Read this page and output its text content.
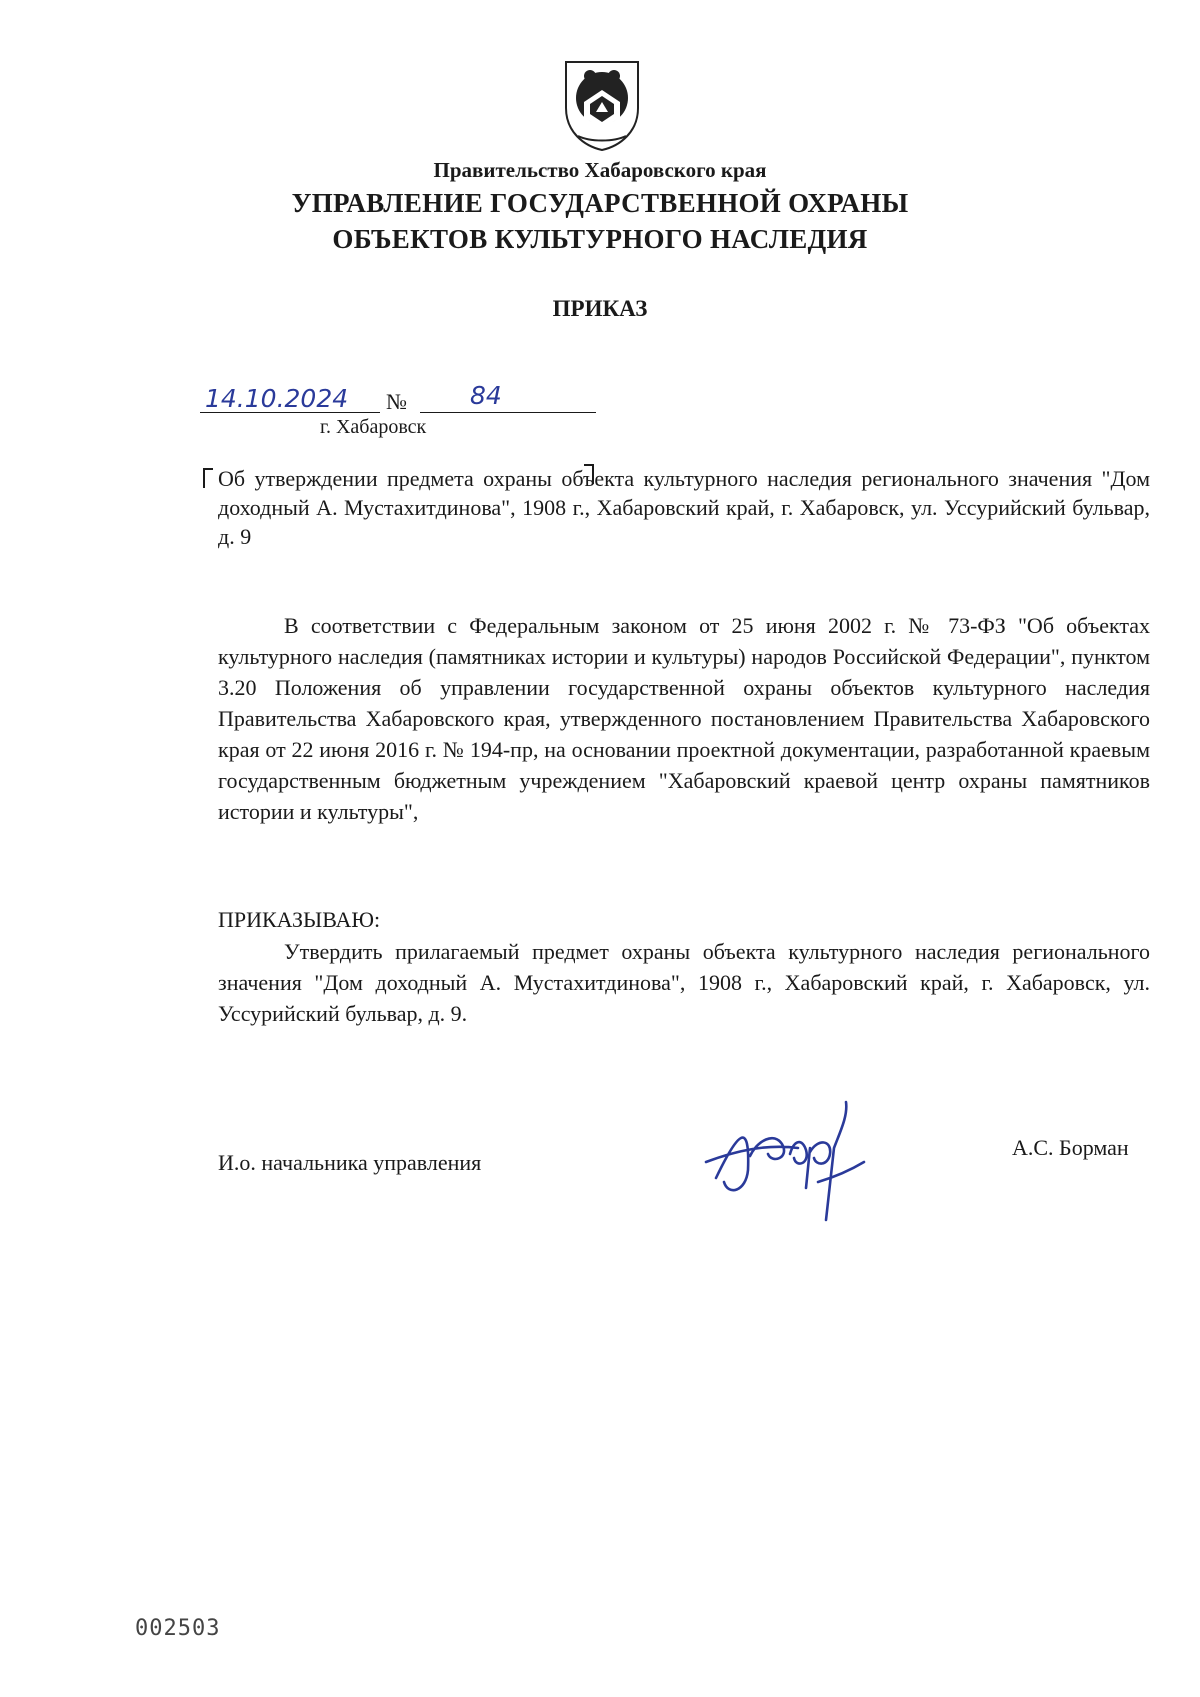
Правительство Хабаровского края
УПРАВЛЕНИЕ ГОСУДАРСТВЕННОЙ ОХРАНЫ
ОБЪЕКТОВ КУЛЬТУРНОГО НАСЛЕДИЯ
ПРИКАЗ
14.10.2024 №	84
г. Хабаровск
Об утверждении предмета охраны объекта культурного наследия регионального значения "Дом доходный А. Мустахитдинова", 1908 г., Хабаровский край, г. Хабаровск, ул. Уссурийский бульвар, д. 9
В соответствии с Федеральным законом от 25 июня 2002 г. № 73-ФЗ "Об объектах культурного наследия (памятниках истории и культуры) народов Российской Федерации", пунктом 3.20 Положения об управлении государственной охраны объектов культурного наследия Правительства Хабаровского края, утвержденного постановлением Правительства Хабаровского края от 22 июня 2016 г. № 194-пр, на основании проектной документации, разработанной краевым государственным бюджетным учреждением "Хабаровский краевой центр охраны памятников истории и культуры",
ПРИКАЗЫВАЮ:
Утвердить прилагаемый предмет охраны объекта культурного наследия регионального значения "Дом доходный А. Мустахитдинова", 1908 г., Хабаровский край, г. Хабаровск, ул. Уссурийский бульвар, д. 9.
И.о. начальника управления
А.С. Борман
002503
